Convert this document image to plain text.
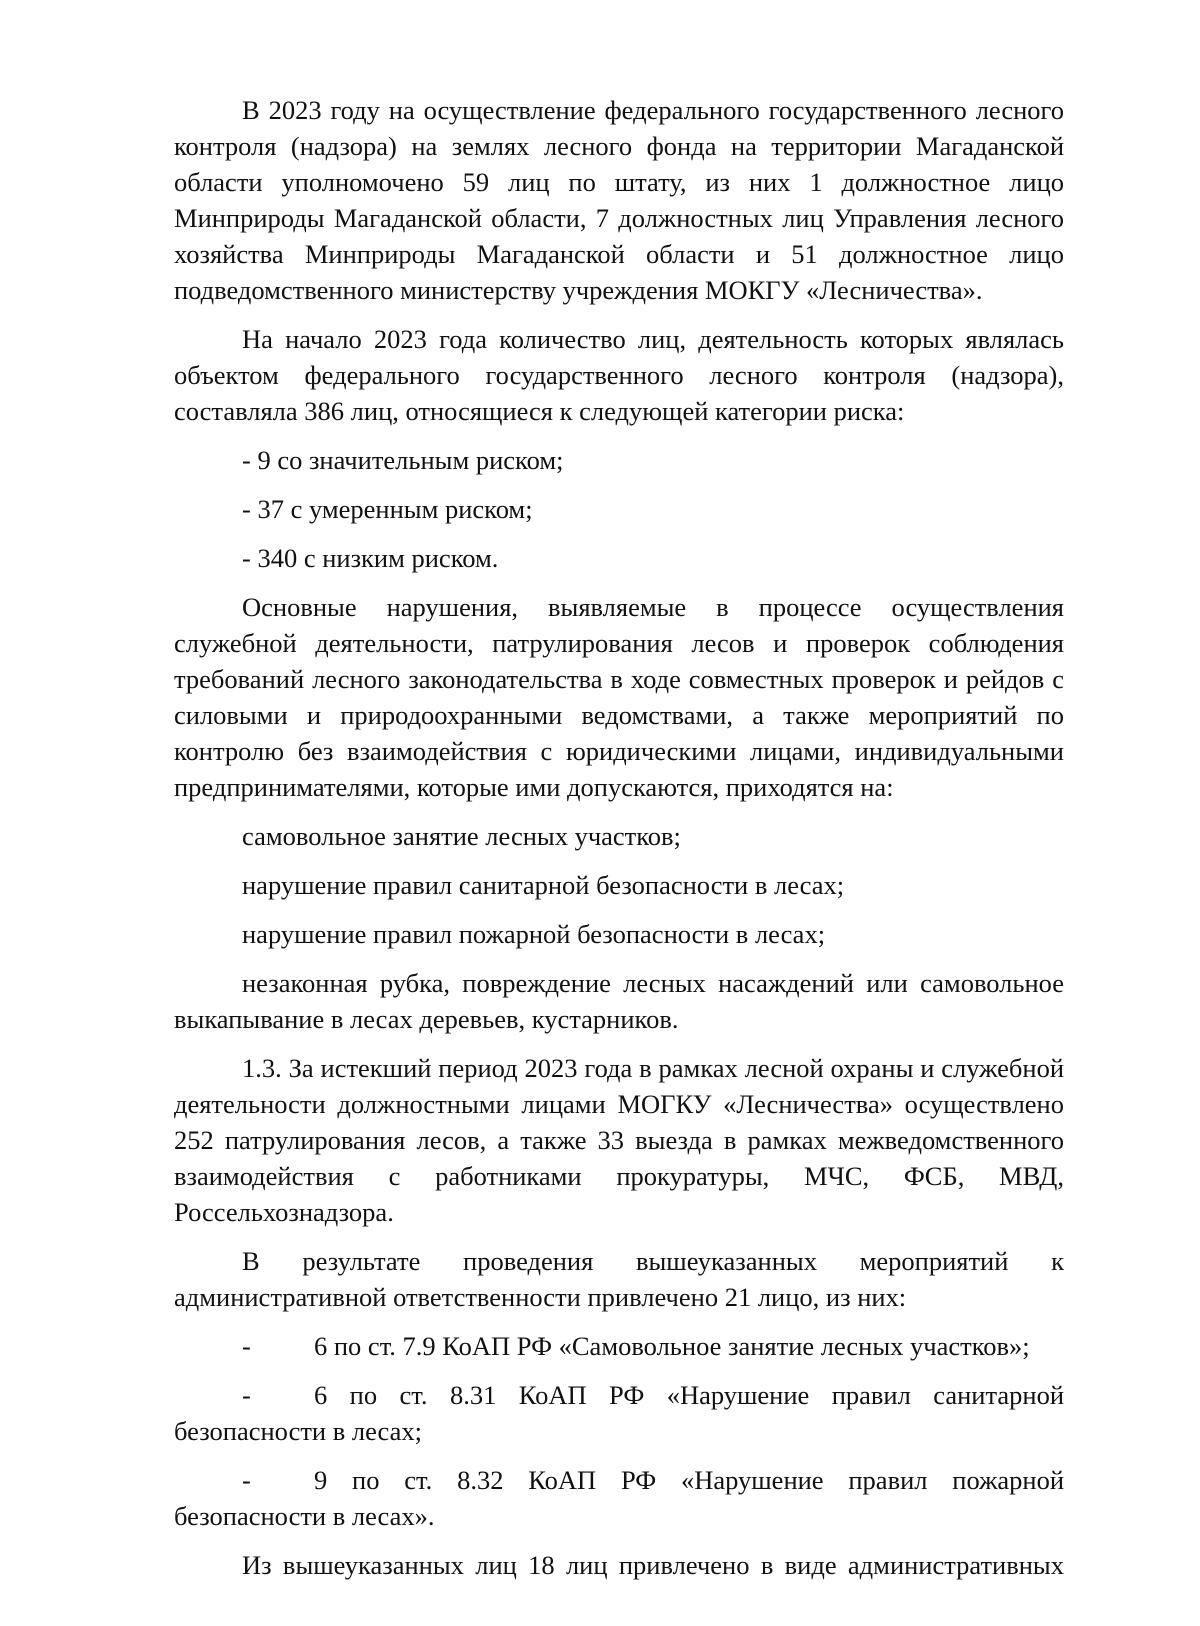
В 2023 году на осуществление федерального государственного лесного контроля (надзора) на землях лесного фонда на территории Магаданской области уполномочено 59 лиц по штату, из них 1 должностное лицо Минприроды Магаданской области, 7 должностных лиц Управления лесного хозяйства Минприроды Магаданской области и 51 должностное лицо подведомственного министерству учреждения МОКГУ «Лесничества».

На начало 2023 года количество лиц, деятельность которых являлась объектом федерального государственного лесного контроля (надзора), составляла 386 лиц, относящиеся к следующей категории риска:

- 9 со значительным риском;

- 37 с умеренным риском;

- 340 с низким риском.

Основные нарушения, выявляемые в процессе осуществления служебной деятельности, патрулирования лесов и проверок соблюдения требований лесного законодательства в ходе совместных проверок и рейдов с силовыми и природоохранными ведомствами, а также мероприятий по контролю без взаимодействия с юридическими лицами, индивидуальными предпринимателями, которые ими допускаются, приходятся на:

самовольное занятие лесных участков;

нарушение правил санитарной безопасности в лесах;

нарушение правил пожарной безопасности в лесах;

незаконная рубка, повреждение лесных насаждений или самовольное выкапывание в лесах деревьев, кустарников.

1.3. За истекший период 2023 года в рамках лесной охраны и служебной деятельности должностными лицами МОГКУ «Лесничества» осуществлено 252 патрулирования лесов, а также 33 выезда в рамках межведомственного взаимодействия с работниками прокуратуры, МЧС, ФСБ, МВД, Россельхознадзора.

В результате проведения вышеуказанных мероприятий к административной ответственности привлечено 21 лицо, из них:

- 6 по ст. 7.9 КоАП РФ «Самовольное занятие лесных участков»;

- 6 по ст. 8.31 КоАП РФ «Нарушение правил санитарной безопасности в лесах;

- 9 по ст. 8.32 КоАП РФ «Нарушение правил пожарной безопасности в лесах».

Из вышеуказанных лиц 18 лиц привлечено в виде административных
